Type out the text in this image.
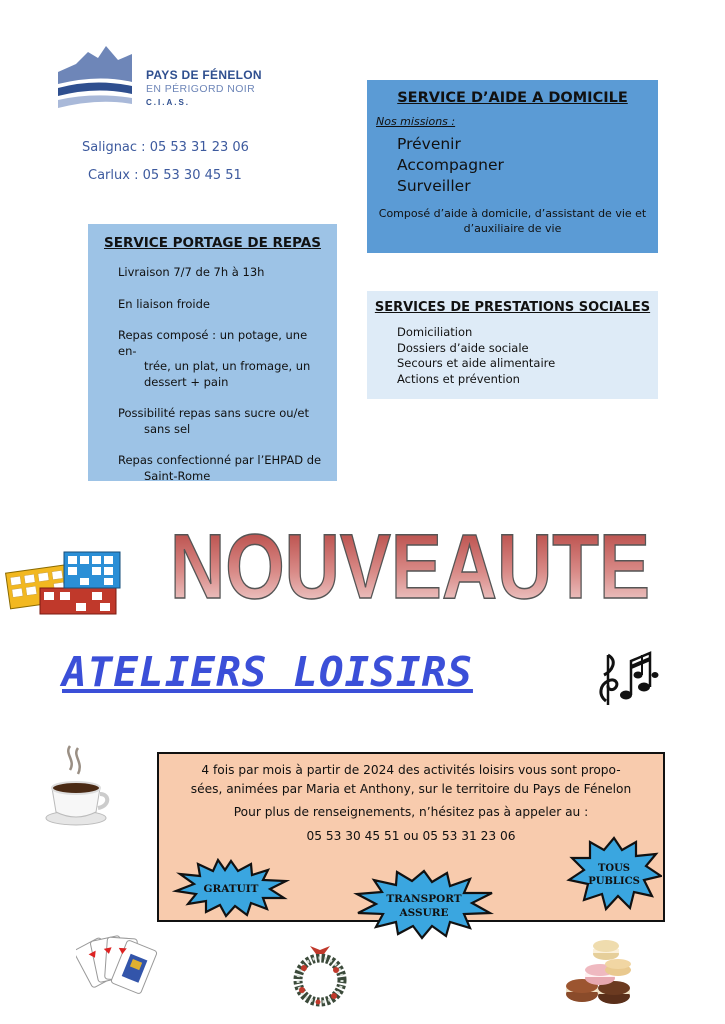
PAYS DE FÉNELON
EN PÉRIGORD NOIR
C.I.A.S.
Salignac : 05 53 31 23 06
Carlux : 05 53 30 45 51
SERVICE D’AIDE A DOMICILE
Nos missions :
Prévenir
Accompagner
Surveiller
Composé d’aide à domicile, d’assistant de vie et d’auxiliaire de vie
SERVICE PORTAGE DE REPAS
Livraison 7/7 de 7h à 13h
En liaison froide
Repas composé : un potage, une en-
trée, un plat, un fromage, un dessert + pain
Possibilité repas sans sucre ou/et
sans sel
Repas confectionné par l’EHPAD de
Saint-Rome
SERVICES DE PRESTATIONS SOCIALES
Domiciliation
Dossiers d’aide sociale
Secours et aide alimentaire
Actions et prévention
NOUVEAUTE
ATELIERS LOISIRS
4 fois par mois à partir de 2024 des activités loisirs vous sont propo-
sées, animées par Maria et Anthony, sur le territoire du Pays de Fénelon
Pour plus de renseignements, n’hésitez pas à appeler au :
05 53 30 45 51 ou 05 53 31 23 06
GRATUIT
TRANSPORT
ASSURE
TOUS
PUBLICS
